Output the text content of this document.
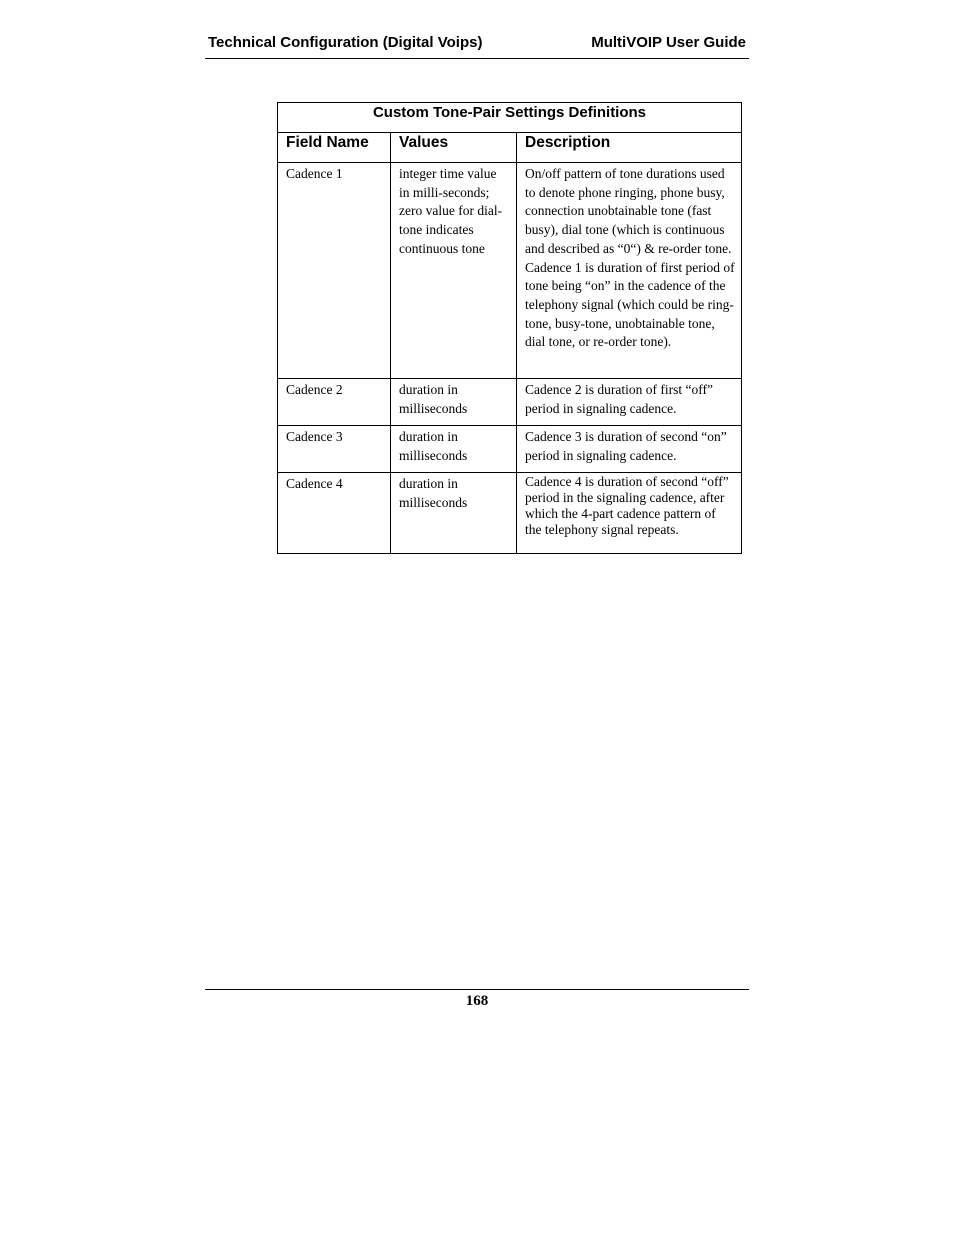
Technical Configuration (Digital Voips)	MultiVOIP User Guide
Custom Tone-Pair Settings Definitions		
Field Name	Values	Description
Cadence 1	integer time value in milli-seconds; zero value for dial-tone indicates continuous tone	On/off pattern of tone durations used to denote phone ringing, phone busy, connection unobtainable tone (fast busy), dial tone (which is continuous and described as “0“) & re-order tone. Cadence 1 is duration of first period of tone being “on” in the cadence of the telephony signal (which could be ring-tone, busy-tone, unobtainable tone, dial tone, or re-order tone).
Cadence 2	duration in milliseconds	Cadence 2 is duration of first “off” period in signaling cadence.
Cadence 3	duration in milliseconds	Cadence 3 is duration of second “on” period in signaling cadence.
Cadence 4	duration in milliseconds	Cadence 4 is duration of second “off” period in the signaling cadence, after which the 4-part cadence pattern of the telephony signal repeats.
168
